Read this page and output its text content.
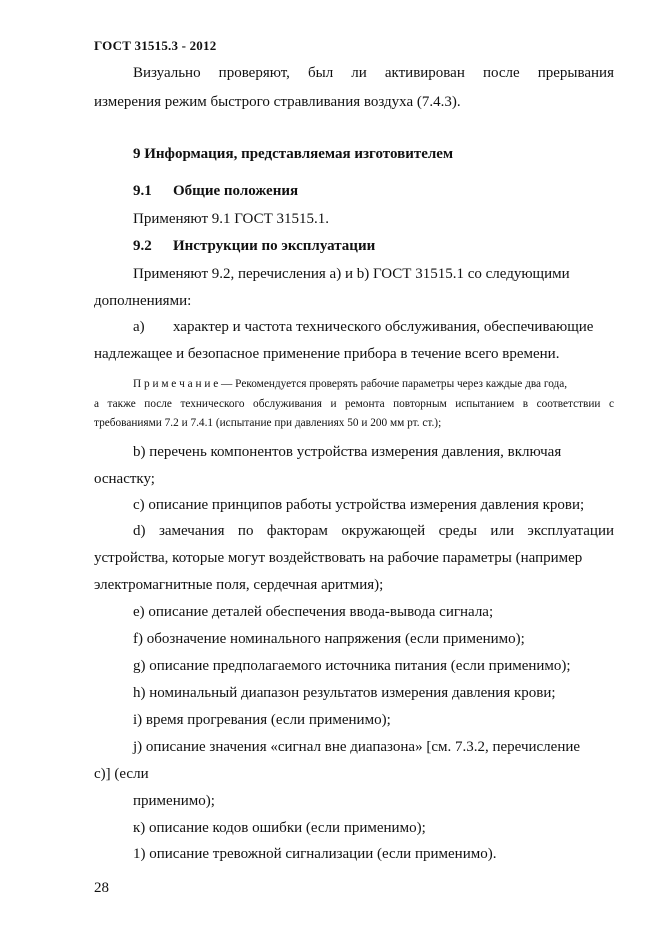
ГОСТ 31515.3 - 2012
Визуально проверяют, был ли активирован после прерывания
измерения режим быстрого стравливания воздуха (7.4.3).
9 Информация, представляемая изготовителем
9.1 Общие положения
Применяют 9.1 ГОСТ 31515.1.
9.2 Инструкции по эксплуатации
Применяют 9.2, перечисления а) и b) ГОСТ 31515.1 со следующими
дополнениями:
а) характер и частота технического обслуживания, обеспечивающие
надлежащее и безопасное применение прибора в течение всего времени.
П р и м е ч а н и е — Рекомендуется проверять рабочие параметры через каждые два года,
а также после технического обслуживания и ремонта повторным испытанием в соответствии с
требованиями 7.2 и 7.4.1 (испытание при давлениях 50 и 200 мм рт. ст.);
b) перечень компонентов устройства измерения давления, включая
оснастку;
с) описание принципов работы устройства измерения давления крови;
d) замечания по факторам окружающей среды или эксплуатации
устройства, которые могут воздействовать на рабочие параметры (например
электромагнитные поля, сердечная аритмия);
е) описание деталей обеспечения ввода-вывода сигнала;
f) обозначение номинального напряжения (если применимо);
g) описание предполагаемого источника питания (если применимо);
h) номинальный диапазон результатов измерения давления крови;
i) время прогревания (если применимо);
j) описание значения «сигнал вне диапазона» [см. 7.3.2, перечисление
с)] (если
применимо);
к) описание кодов ошибки (если применимо);
1) описание тревожной сигнализации (если применимо).
28
